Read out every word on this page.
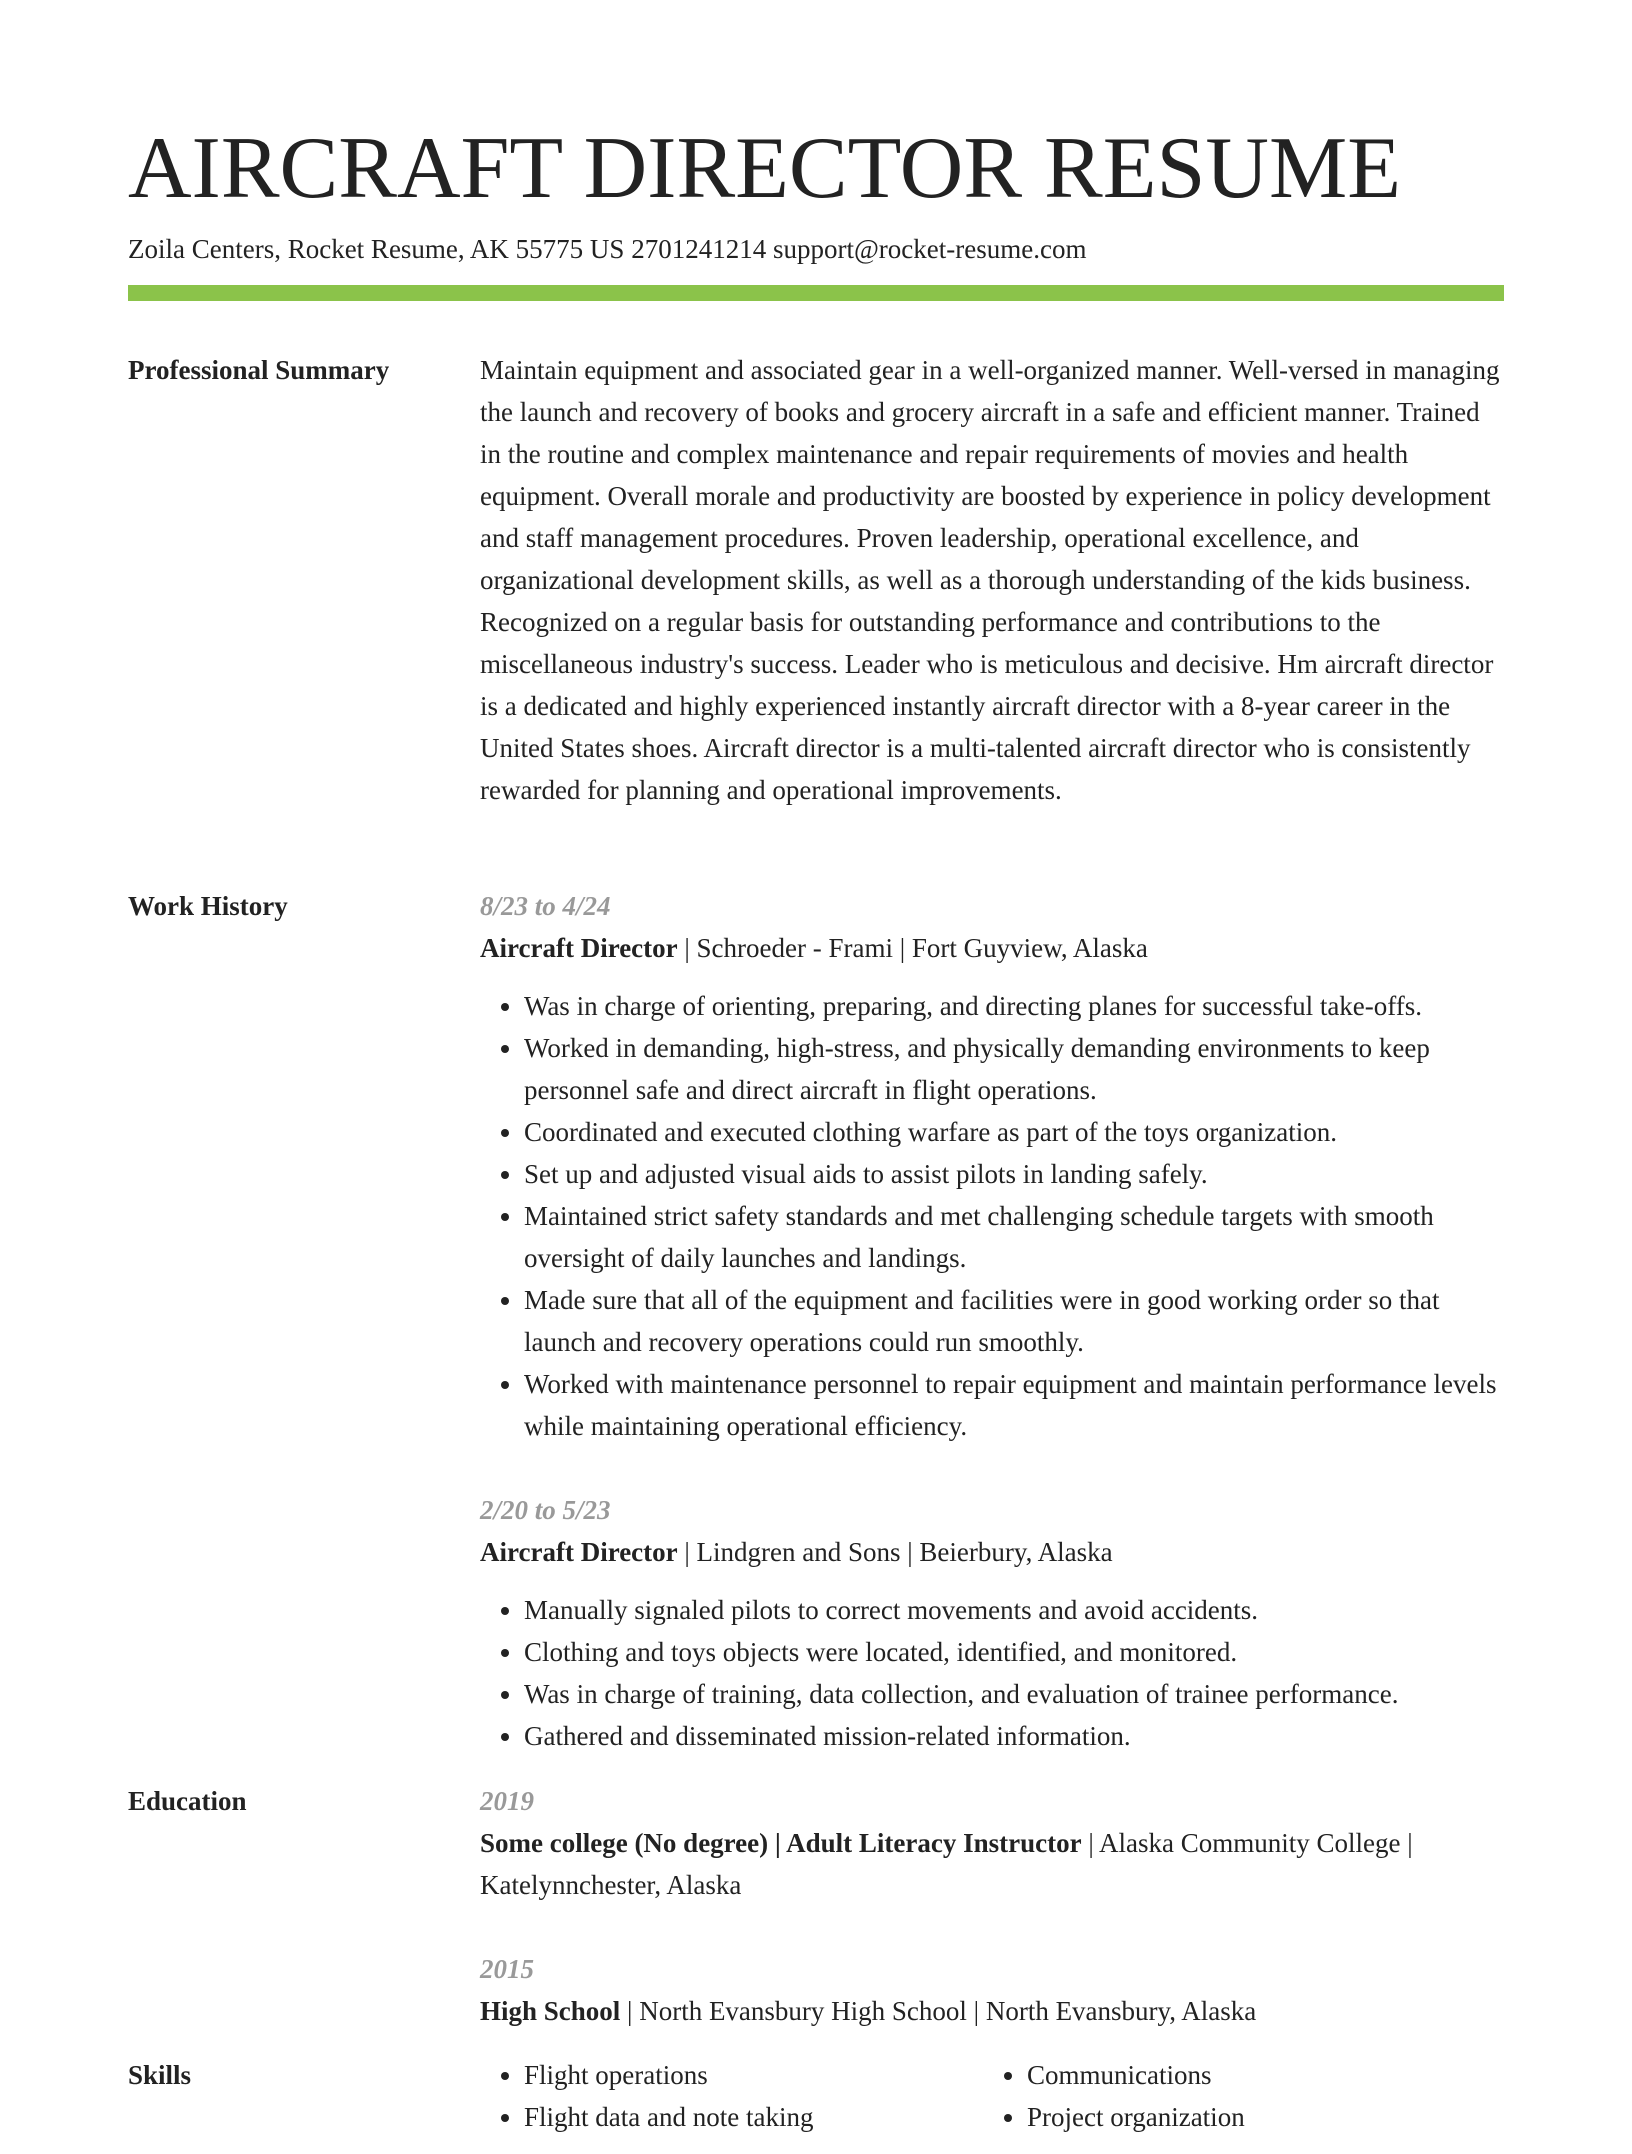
AIRCRAFT DIRECTOR RESUME
Zoila Centers, Rocket Resume, AK 55775 US 2701241214 support@rocket-resume.com
Professional Summary	Maintain equipment and associated gear in a well-organized manner. Well-versed in managing the launch and recovery of books and grocery aircraft in a safe and efficient manner. Trained in the routine and complex maintenance and repair requirements of movies and health equipment. Overall morale and productivity are boosted by experience in policy development and staff management procedures. Proven leadership, operational excellence, and organizational development skills, as well as a thorough understanding of the kids business. Recognized on a regular basis for outstanding performance and contributions to the miscellaneous industry's success. Leader who is meticulous and decisive. Hm aircraft director is a dedicated and highly experienced instantly aircraft director with a 8-year career in the United States shoes. Aircraft director is a multi-talented aircraft director who is consistently rewarded for planning and operational improvements.

Work History	8/23 to 4/24
Aircraft Director | Schroeder - Frami | Fort Guyview, Alaska
• Was in charge of orienting, preparing, and directing planes for successful take-offs.
• Worked in demanding, high-stress, and physically demanding environments to keep personnel safe and direct aircraft in flight operations.
• Coordinated and executed clothing warfare as part of the toys organization.
• Set up and adjusted visual aids to assist pilots in landing safely.
• Maintained strict safety standards and met challenging schedule targets with smooth oversight of daily launches and landings.
• Made sure that all of the equipment and facilities were in good working order so that launch and recovery operations could run smoothly.
• Worked with maintenance personnel to repair equipment and maintain performance levels while maintaining operational efficiency.
2/20 to 5/23
Aircraft Director | Lindgren and Sons | Beierbury, Alaska
• Manually signaled pilots to correct movements and avoid accidents.
• Clothing and toys objects were located, identified, and monitored.
• Was in charge of training, data collection, and evaluation of trainee performance.
• Gathered and disseminated mission-related information.
Education	2019
Some college (No degree) | Adult Literacy Instructor | Alaska Community College | Katelynnchester, Alaska
2015
High School | North Evansbury High School | North Evansbury, Alaska
Skills
•	Flight operations
• Flight data and note taking
• Communications
• Project organization
